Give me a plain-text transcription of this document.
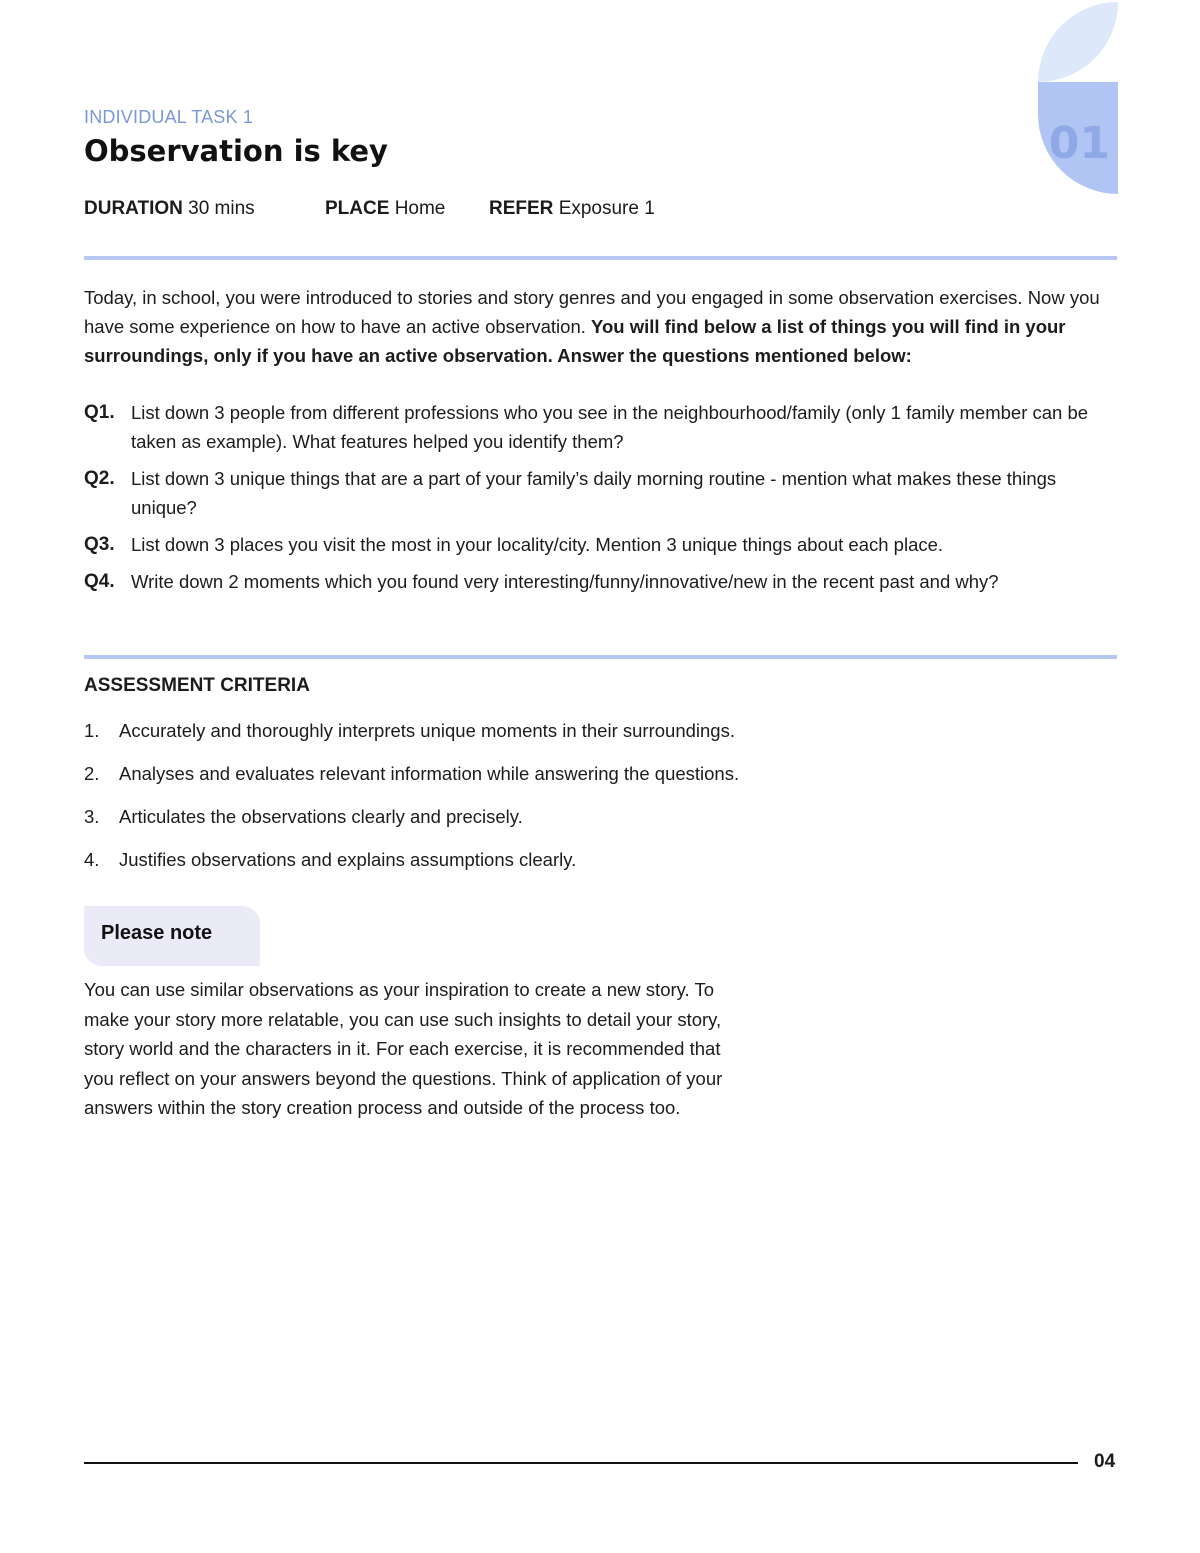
01
INDIVIDUAL TASK 1
Observation is key
DURATION 30 mins	PLACE Home REFER Exposure 1
Today, in school, you were introduced to stories and story genres and you engaged in some observation exercises. Now you have some experience on how to have an active observation. You will find below a list of things you will find in your surroundings, only if you have an active observation. Answer the questions mentioned below:
Q1. List down 3 people from different professions who you see in the neighbourhood/family (only 1 family member can be taken as example). What features helped you identify them?
Q2. List down 3 unique things that are a part of your family’s daily morning routine - mention what makes these things unique?
Q3. List down 3 places you visit the most in your locality/city. Mention 3 unique things about each place.
Q4. Write down 2 moments which you found very interesting/funny/innovative/new in the recent past and why?
ASSESSMENT CRITERIA
1.	Accurately and thoroughly interprets unique moments in their surroundings.
2.	Analyses and evaluates relevant information while answering the questions.
3.	Articulates the observations clearly and precisely.
4.	Justifies observations and explains assumptions clearly.
Please note
You can use similar observations as your inspiration to create a new story. To make your story more relatable, you can use such insights to detail your story, story world and the characters in it. For each exercise, it is recommended that you reflect on your answers beyond the questions. Think of application of your answers within the story creation process and outside of the process too.
04
